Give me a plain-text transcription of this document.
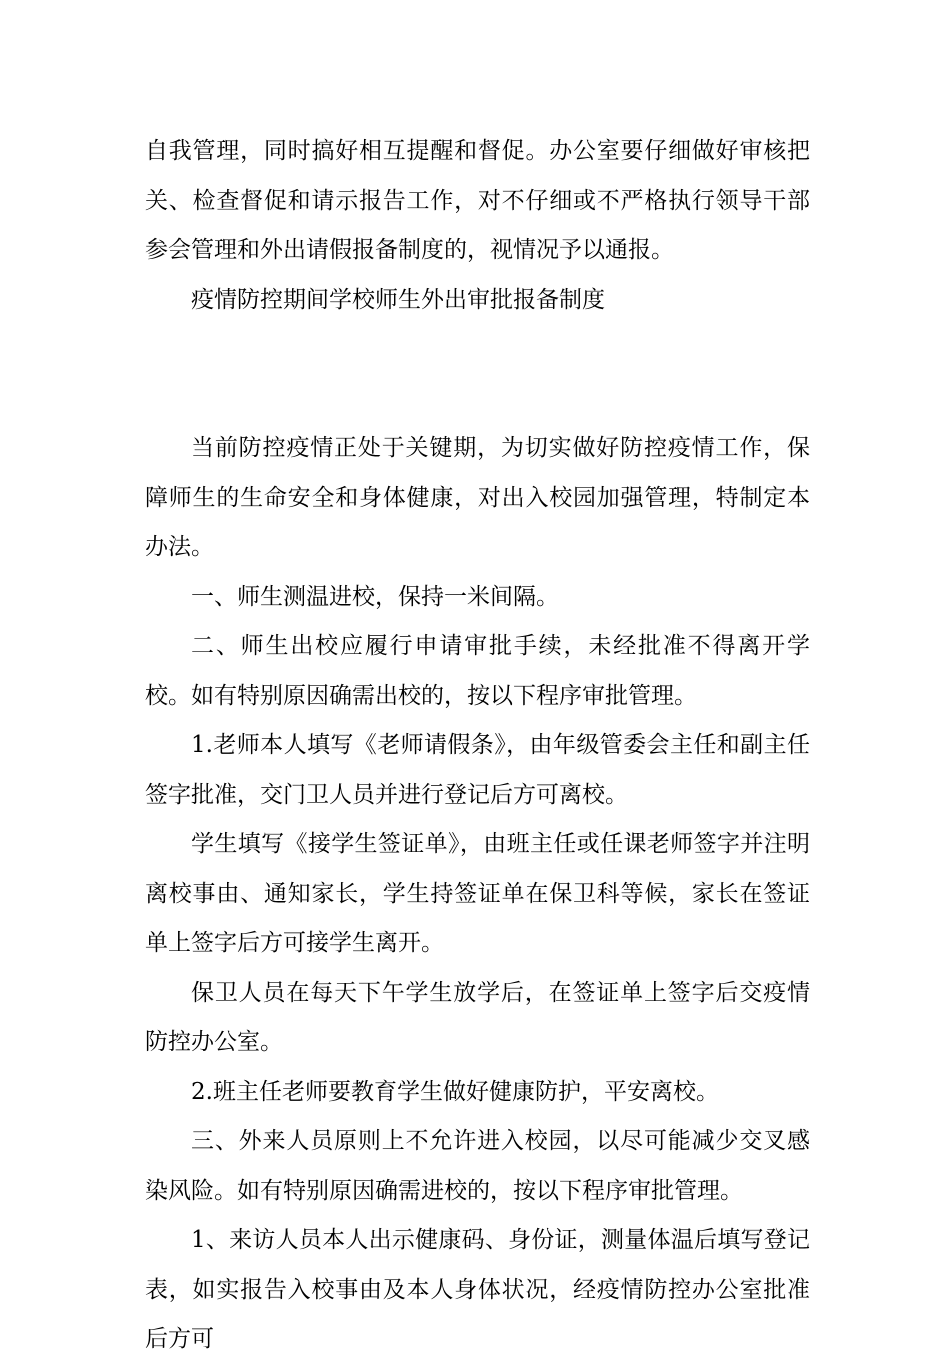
自我管理，同时搞好相互提醒和督促。办公室要仔细做好审核把关、检查督促和请示报告工作，对不仔细或不严格执行领导干部参会管理和外出请假报备制度的，视情况予以通报。

疫情防控期间学校师生外出审批报备制度

当前防控疫情正处于关键期，为切实做好防控疫情工作，保障师生的生命安全和身体健康，对出入校园加强管理，特制定本办法。

一、师生测温进校，保持一米间隔。

二、师生出校应履行申请审批手续，未经批准不得离开学校。如有特别原因确需出校的，按以下程序审批管理。

1.老师本人填写《老师请假条》，由年级管委会主任和副主任签字批准，交门卫人员并进行登记后方可离校。

学生填写《接学生签证单》，由班主任或任课老师签字并注明离校事由、通知家长，学生持签证单在保卫科等候，家长在签证单上签字后方可接学生离开。

保卫人员在每天下午学生放学后，在签证单上签字后交疫情防控办公室。

2.班主任老师要教育学生做好健康防护，平安离校。

三、外来人员原则上不允许进入校园，以尽可能减少交叉感染风险。如有特别原因确需进校的，按以下程序审批管理。

1、来访人员本人出示健康码、身份证，测量体温后填写登记表，如实报告入校事由及本人身体状况，经疫情防控办公室批准后方可
